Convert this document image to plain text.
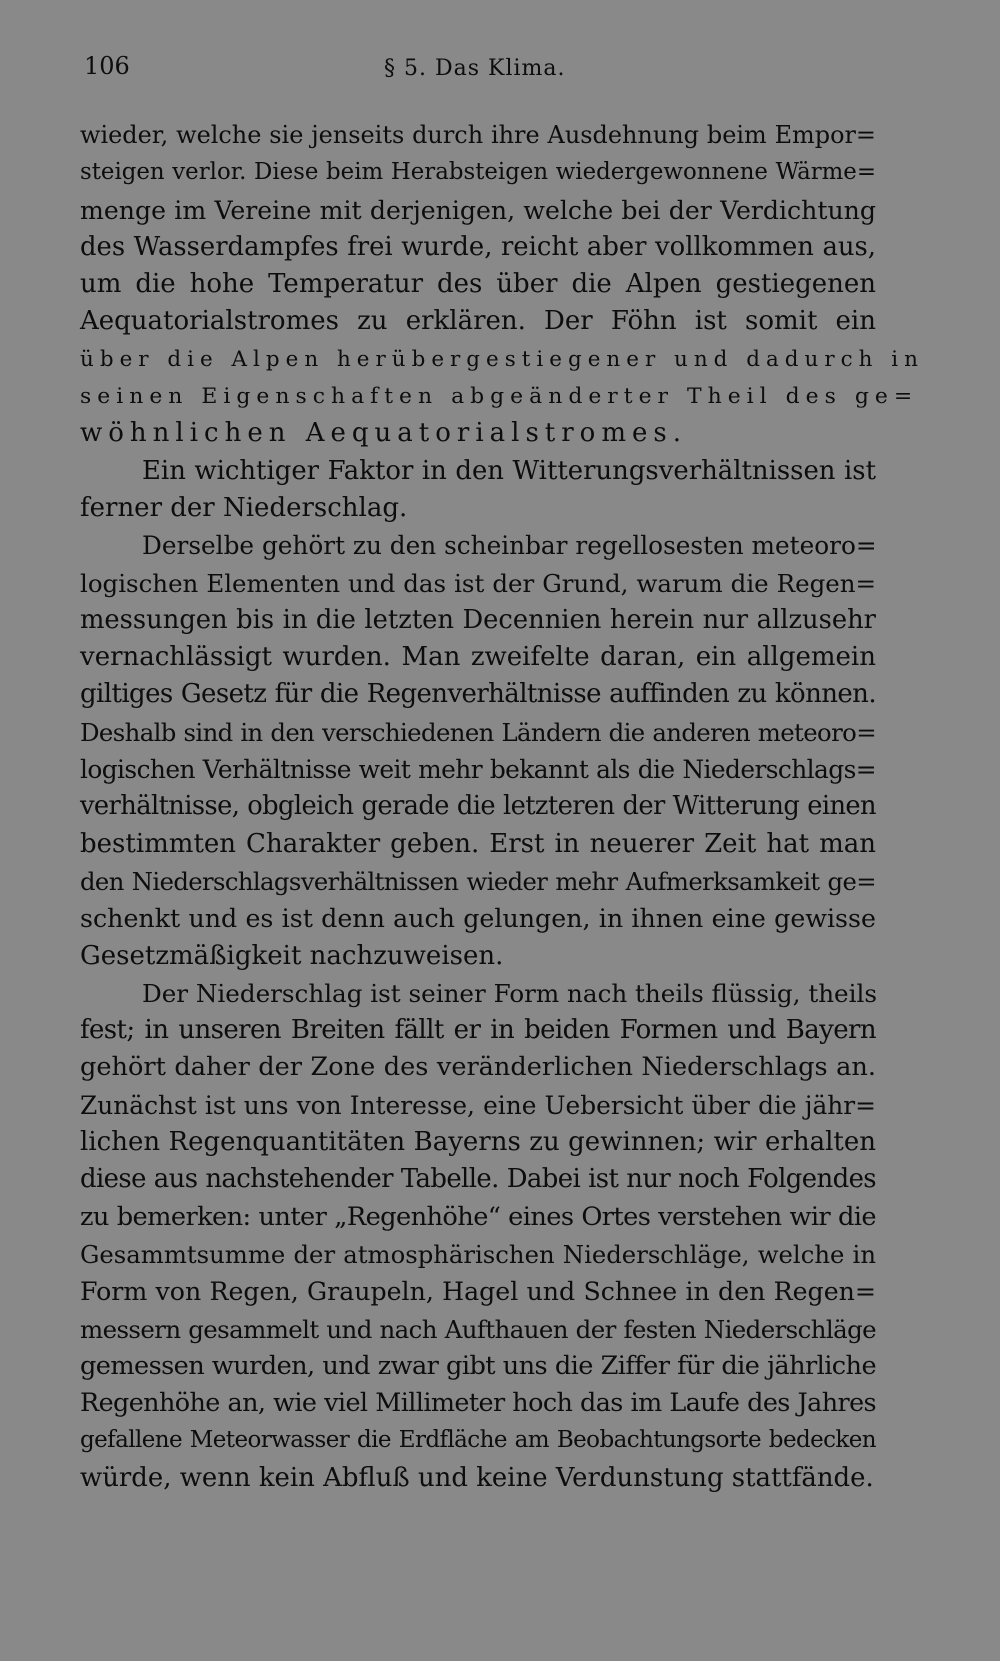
106	§ 5. Das Klima.

wieder, welche sie jenseits durch ihre Ausdehnung beim Empor=
steigen verlor. Diese beim Herabsteigen wiedergewonnene Wärme=
menge im Vereine mit derjenigen, welche bei der Verdichtung
des Wasserdampfes frei wurde, reicht aber vollkommen aus,
um die hohe Temperatur des über die Alpen gestiegenen
Aequatorialstromes zu erklären. Der Föhn ist somit ein
über die Alpen herübergestiegener und dadurch in
seinen Eigenschaften abgeänderter Theil des ge=
wöhnlichen Aequatorialstromes.

Ein wichtiger Faktor in den Witterungsverhältnissen ist
ferner der Niederschlag.

Derselbe gehört zu den scheinbar regellosesten meteoro=
logischen Elementen und das ist der Grund, warum die Regen=
messungen bis in die letzten Decennien herein nur allzusehr
vernachlässigt wurden. Man zweifelte daran, ein allgemein
giltiges Gesetz für die Regenverhältnisse auffinden zu können.
Deshalb sind in den verschiedenen Ländern die anderen meteoro=
logischen Verhältnisse weit mehr bekannt als die Niederschlags=
verhältnisse, obgleich gerade die letzteren der Witterung einen
bestimmten Charakter geben. Erst in neuerer Zeit hat man
den Niederschlagsverhältnissen wieder mehr Aufmerksamkeit ge=
schenkt und es ist denn auch gelungen, in ihnen eine gewisse
Gesetzmäßigkeit nachzuweisen.

Der Niederschlag ist seiner Form nach theils flüssig, theils
fest; in unseren Breiten fällt er in beiden Formen und Bayern
gehört daher der Zone des veränderlichen Niederschlags an.
Zunächst ist uns von Interesse, eine Uebersicht über die jähr=
lichen Regenquantitäten Bayerns zu gewinnen; wir erhalten
diese aus nachstehender Tabelle. Dabei ist nur noch Folgendes
zu bemerken: unter „Regenhöhe“ eines Ortes verstehen wir die
Gesammtsumme der atmosphärischen Niederschläge, welche in
Form von Regen, Graupeln, Hagel und Schnee in den Regen=
messern gesammelt und nach Aufthauen der festen Niederschläge
gemessen wurden, und zwar gibt uns die Ziffer für die jährliche
Regenhöhe an, wie viel Millimeter hoch das im Laufe des Jahres
gefallene Meteorwasser die Erdfläche am Beobachtungsorte bedecken
würde, wenn kein Abfluß und keine Verdunstung stattfände.
